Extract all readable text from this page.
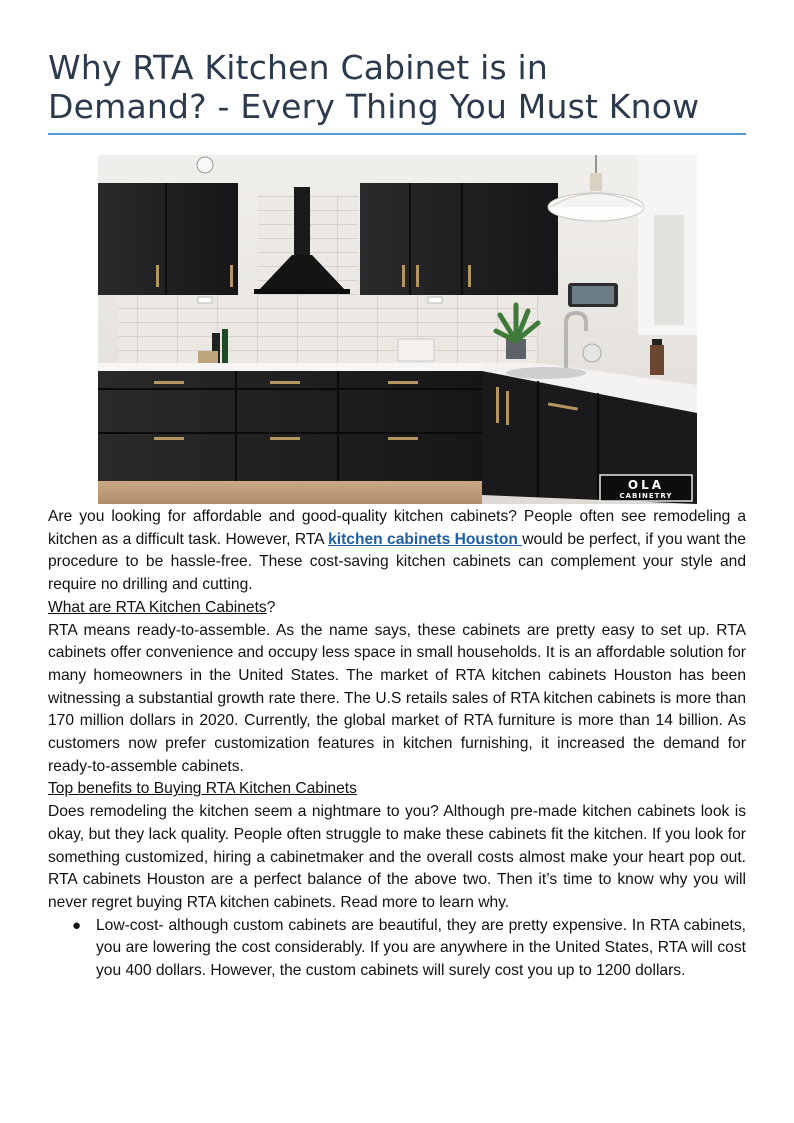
Why RTA Kitchen Cabinet is in
Demand? - Every Thing You Must Know
OLA
CABINETRY

Are you looking for affordable and good-quality kitchen cabinets? People often see remodeling a kitchen as a difficult task. However, RTA kitchen cabinets Houston would be perfect, if you want the procedure to be hassle-free. These cost-saving kitchen cabinets can complement your style and require no drilling and cutting.

What are RTA Kitchen Cabinets?

RTA means ready-to-assemble. As the name says, these cabinets are pretty easy to set up. RTA cabinets offer convenience and occupy less space in small households. It is an affordable solution for many homeowners in the United States. The market of RTA kitchen cabinets Houston has been witnessing a substantial growth rate there. The U.S retails sales of RTA kitchen cabinets is more than 170 million dollars in 2020. Currently, the global market of RTA furniture is more than 14 billion. As customers now prefer customization features in kitchen furnishing, it increased the demand for ready-to-assemble cabinets.

Top benefits to Buying RTA Kitchen Cabinets

Does remodeling the kitchen seem a nightmare to you? Although pre-made kitchen cabinets look is okay, but they lack quality. People often struggle to make these cabinets fit the kitchen. If you look for something customized, hiring a cabinetmaker and the overall costs almost make your heart pop out. RTA cabinets Houston are a perfect balance of the above two. Then it’s time to know why you will never regret buying RTA kitchen cabinets. Read more to learn why.

● Low-cost- although custom cabinets are beautiful, they are pretty expensive. In RTA cabinets, you are lowering the cost considerably. If you are anywhere in the United States, RTA will cost you 400 dollars. However, the custom cabinets will surely cost you up to 1200 dollars.
